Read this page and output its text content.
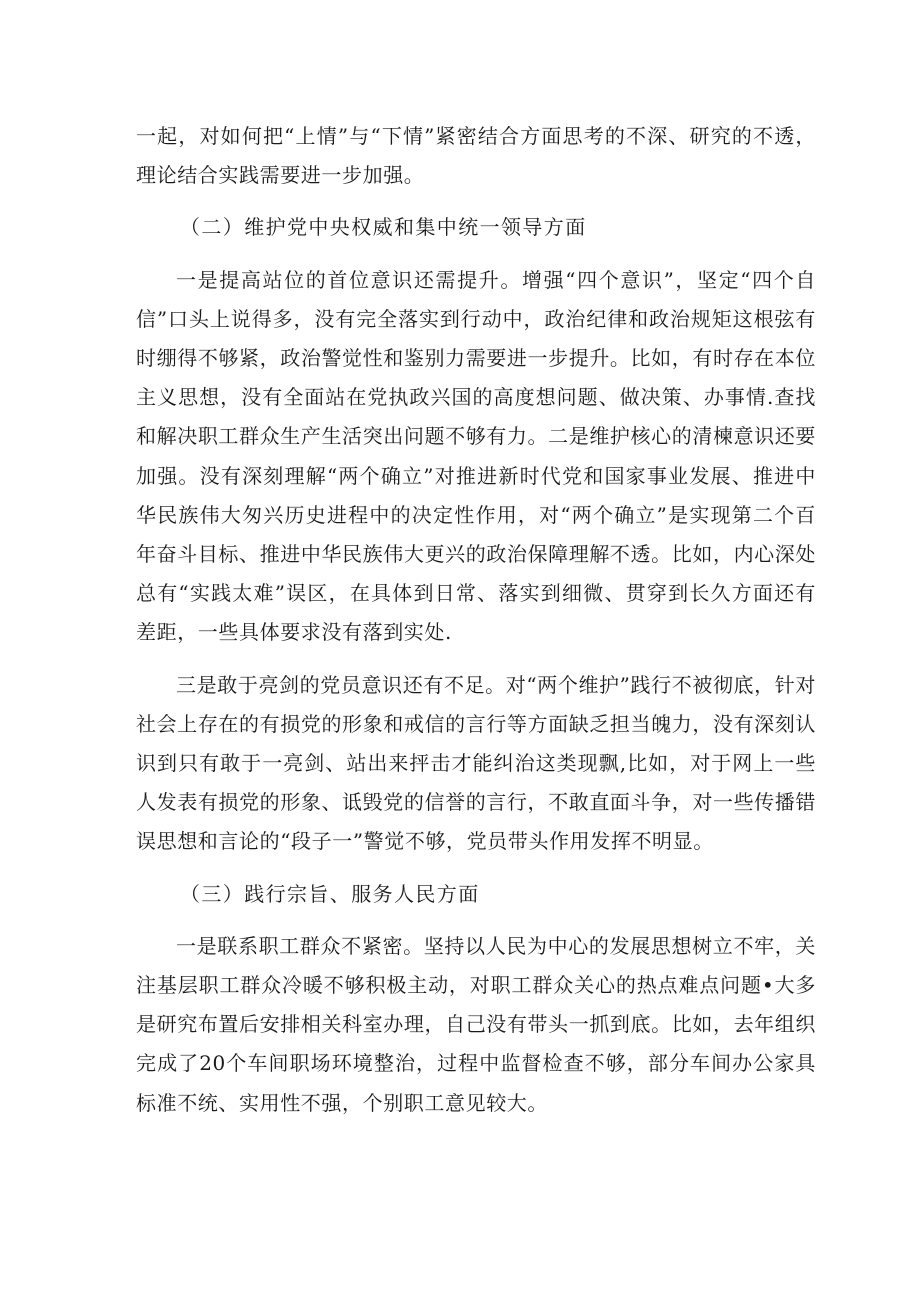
一起，对如何把“上情”与“下情”紧密结合方面思考的不深、研究的不透，理论结合实践需要进一步加强。

（二）维护党中央权威和集中统一领导方面

一是提高站位的首位意识还需提升。增强“四个意识”，坚定“四个自信”口头上说得多，没有完全落实到行动中，政治纪律和政治规矩这根弦有时绷得不够紧，政治警觉性和鉴别力需要进一步提升。比如，有时存在本位主义思想，没有全面站在党执政兴国的高度想问题、做决策、办事情.查找和解决职工群众生产生活突出问题不够有力。二是维护核心的清楝意识还要加强。没有深刻理解“两个确立”对推进新时代党和国家事业发展、推进中华民族伟大匆兴历史进程中的决定性作用，对“两个确立”是实现第二个百年奋斗目标、推进中华民族伟大更兴的政治保障理解不透。比如，内心深处总有“实践太难”误区，在具体到日常、落实到细微、贯穿到长久方面还有差距，一些具体要求没有落到实处.

三是敢于亮剑的党员意识还有不足。对“两个维护”践行不被彻底，针对社会上存在的有损党的形象和戒信的言行等方面缺乏担当魄力，没有深刻认识到只有敢于一亮剑、站出来抨击才能纠治这类现飘,比如，对于网上一些人发表有损党的形象、诋毁党的信誉的言行，不敢直面斗争，对一些传播错误思想和言论的“段子一”警觉不够，党员带头作用发挥不明显。

（三）践行宗旨、服务人民方面

一是联系职工群众不紧密。坚持以人民为中心的发展思想树立不牢，关注基层职工群众冷暖不够积极主动，对职工群众关心的热点难点问题•大多是研究布置后安排相关科室办理，自己没有带头一抓到底。比如，去年组织完成了20个车间职场环境整治，过程中监督检查不够，部分车间办公家具标准不统、实用性不强，个别职工意见较大。
